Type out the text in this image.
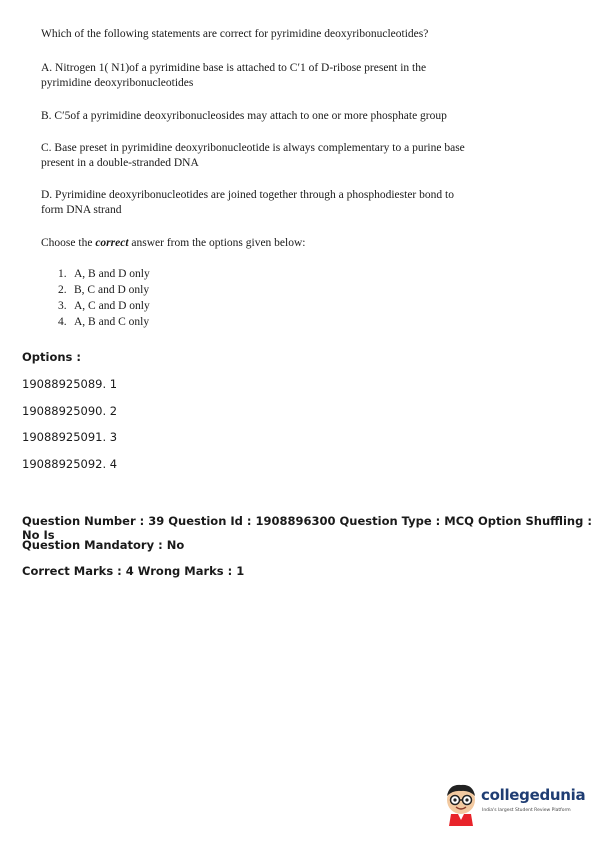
Which of the following statements are correct for pyrimidine deoxyribonucleotides?
A. Nitrogen 1( N1)of a pyrimidine base is attached to C′1 of D-ribose present in the
pyrimidine deoxyribonucleotides
B. C′5of a pyrimidine deoxyribonucleosides may attach to one or more phosphate group
C. Base preset in pyrimidine deoxyribonucleotide is always complementary to a purine base
present in a double-stranded DNA
D. Pyrimidine deoxyribonucleotides are joined together through a phosphodiester bond to
form DNA strand
Choose the correct answer from the options given below:
1. A, B and D only
2. B, C and D only
3. A, C and D only
4. A, B and C only
Options :
19088925089. 1
19088925090. 2
19088925091. 3
19088925092. 4
Question Number : 39 Question Id : 1908896300 Question Type : MCQ Option Shuffling : No Is
Question Mandatory : No
Correct Marks : 4 Wrong Marks : 1
collegedunia
India's largest Student Review Platform
